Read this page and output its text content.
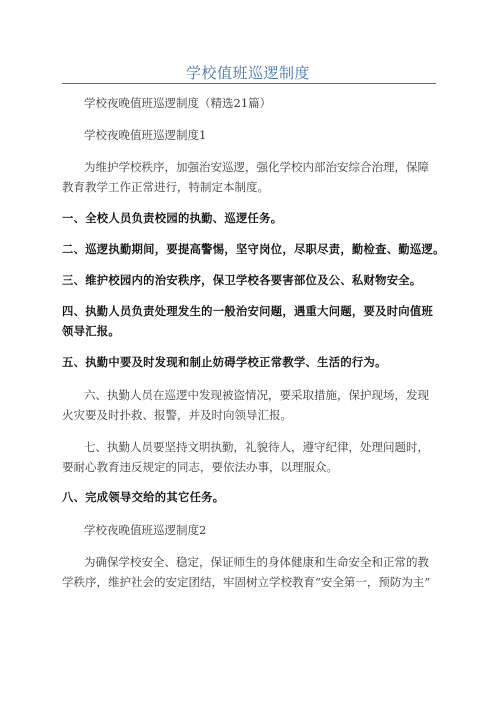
学校值班巡逻制度
学校夜晚值班巡逻制度（精选21篇）
学校夜晚值班巡逻制度1
为维护学校秩序，加强治安巡逻，强化学校内部治安综合治理，保障
教育教学工作正常进行，特制定本制度。
一、全校人员负责校园的执勤、巡逻任务。
二、巡逻执勤期间，要提高警惕，坚守岗位，尽职尽责，勤检查、勤巡逻。
三、维护校园内的治安秩序，保卫学校各要害部位及公、私财物安全。
四、执勤人员负责处理发生的一般治安问题，遇重大问题，要及时向值班
领导汇报。
五、执勤中要及时发现和制止妨碍学校正常教学、生活的行为。
六、执勤人员在巡逻中发现被盗情况，要采取措施，保护现场，发现
火灾要及时扑救、报警，并及时向领导汇报。
七、执勤人员要坚持文明执勤，礼貌待人，遵守纪律，处理问题时，
要耐心教育违反规定的同志，要依法办事，以理服众。
八、完成领导交给的其它任务。
学校夜晚值班巡逻制度2
为确保学校安全、稳定，保证师生的身体健康和生命安全和正常的教
学秩序，维护社会的安定团结，牢固树立学校教育“安全第一，预防为主”
